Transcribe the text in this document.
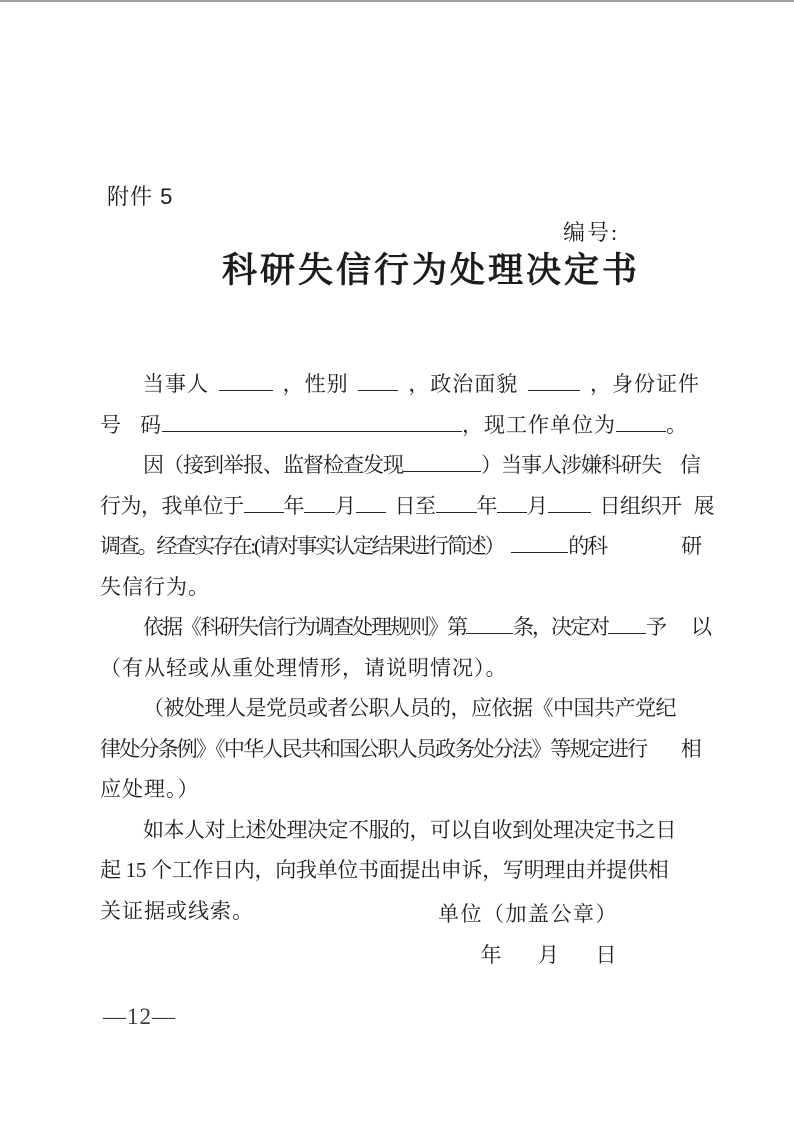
附件 5
编号:
科研失信行为处理决定书
当事人	，性别	，政治面貌	，身份证件
号 码	，现工作单位为 。
因（接到举报、监督检查发现	）当事人涉嫌科研失 信
行为，我单位于 年 月 日至 年 月 日组织开 展
调查。经查实存在:(请对事实认定结果进行简述）	的科	研
失信行为。
依据《科研失信行为调查处理规则》第 条，决定对 予 以
（有从轻或从重处理情形，请说明情况）。
（被处理人是党员或者公职人员的，应依据《中国共产党纪
律处分条例》《中华人民共和国公职人员政务处分法》等规定进行 相
应处理。）
如本人对上述处理决定不服的，可以自收到处理决定书之日
起 15 个工作日内，向我单位书面提出申诉，写明理由并提供相
关证据或线索。	单位（加盖公章）
年 月 日
—12—
